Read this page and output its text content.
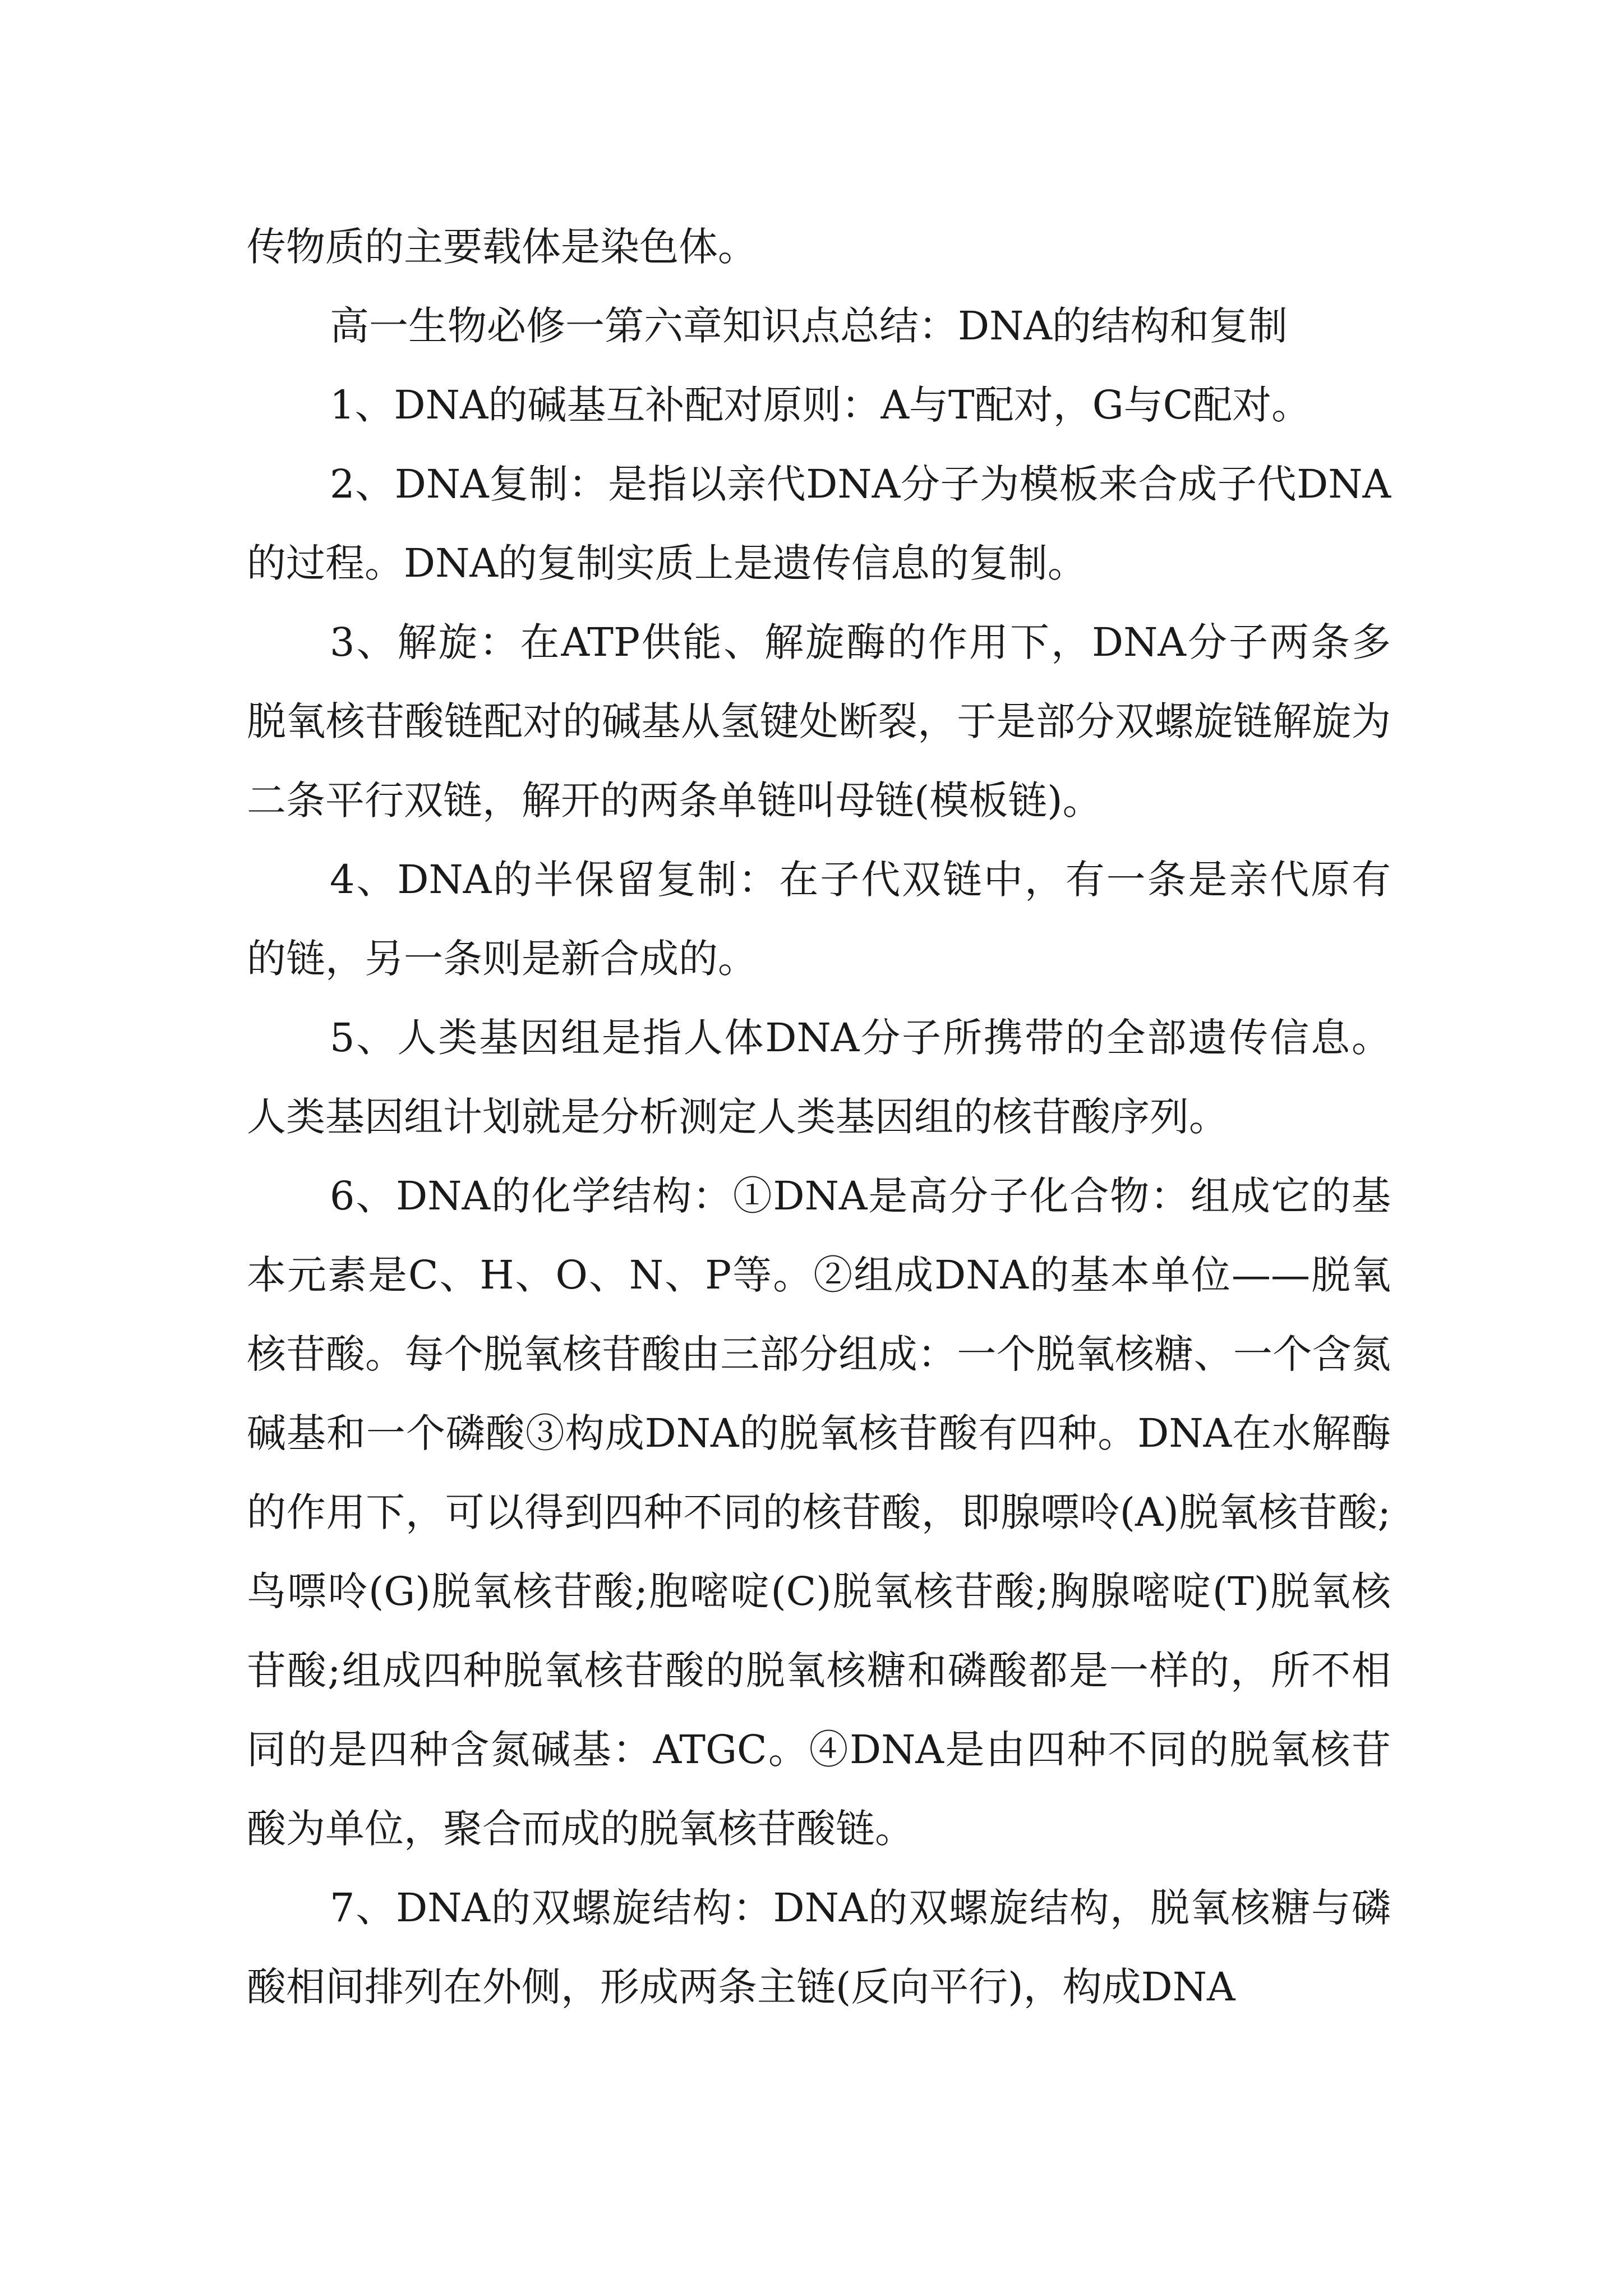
传物质的主要载体是染色体。

高一生物必修一第六章知识点总结：DNA的结构和复制

1、DNA的碱基互补配对原则：A与T配对，G与C配对。

2、DNA复制：是指以亲代DNA分子为模板来合成子代DNA的过程。DNA的复制实质上是遗传信息的复制。

3、解旋：在ATP供能、解旋酶的作用下，DNA分子两条多脱氧核苷酸链配对的碱基从氢键处断裂，于是部分双螺旋链解旋为二条平行双链，解开的两条单链叫母链(模板链)。

4、DNA的半保留复制：在子代双链中，有一条是亲代原有的链，另一条则是新合成的。

5、人类基因组是指人体DNA分子所携带的全部遗传信息。人类基因组计划就是分析测定人类基因组的核苷酸序列。

6、DNA的化学结构：①DNA是高分子化合物：组成它的基本元素是C、H、O、N、P等。②组成DNA的基本单位——脱氧核苷酸。每个脱氧核苷酸由三部分组成：一个脱氧核糖、一个含氮碱基和一个磷酸③构成DNA的脱氧核苷酸有四种。DNA在水解酶的作用下，可以得到四种不同的核苷酸，即腺嘌呤(A)脱氧核苷酸;鸟嘌呤(G)脱氧核苷酸;胞嘧啶(C)脱氧核苷酸;胸腺嘧啶(T)脱氧核苷酸;组成四种脱氧核苷酸的脱氧核糖和磷酸都是一样的，所不相同的是四种含氮碱基：ATGC。④DNA是由四种不同的脱氧核苷酸为单位，聚合而成的脱氧核苷酸链。

7、DNA的双螺旋结构：DNA的双螺旋结构，脱氧核糖与磷酸相间排列在外侧，形成两条主链(反向平行)，构成DNA
